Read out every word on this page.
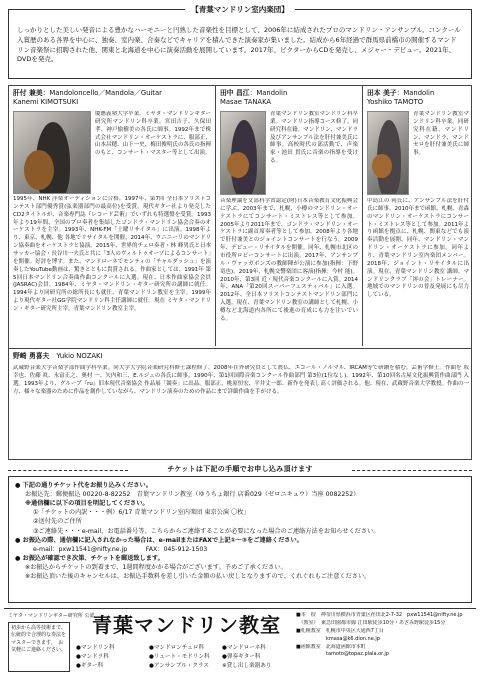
【青葉マンドリン室内楽団】
しっかりとした美しい発音による豊かなハーモニーと円熟した音楽性を目標として、2006年に結成されたプロのマンドリン・アンサンブル。コンクール入賞歴のある各界を中心に、独奏、室内楽、合奏などでキャリアを積んできた演奏家が集いました。結成から6年経過で群馬県前橋市の開催するマンドリン音楽祭に招聘された他、関東と北海道を中心に演奏活動を展開しています。2017年、ビクターからCDを発売し、メジャー・デビュー。2021年、DVDを発売。
肝付 兼美：Mandoloncello／Mandola／Guitar
Kanemi KIMOTSUKI
慶應義塾大学卒業。ミヤタ・マンドリンギター研究所マンドリン科卒業。宮田吉子、久保田孝、神戸愉樹美の各氏に師事。1992年まで株式会社マンドリン・オーケストラに、服部正、山本昌穂、山下一史、梅田俊明氏の各氏の指揮のもと、コンサート・マスター等として出演。
1995年、NHK 洋楽オーディションに合格。1997年、第7回 全日本ソリストコンテスト部門優秀賞(弦楽器部門の最高位)を受賞。現代ギター社より発売したCD2タイトルが、音楽専門誌『レコード芸術』でいずれも特選盤を受賞。1993年より19年間、全国のプロ奏者を集結したゴンドラ・マンドリン協会合奏のオーケストラを主宰。1993年、NHK-FM「土曜リサイタル」に出演。1998年より、東京、札幌、他 各地でリサイタルを開催。2014年、ウニニーリのマンドリン協奏曲をオーケストラと協演。2015年、世界的チェロ奏者・林 峰男氏と日本サッカー協会・長谷川一夫氏と共に「3人のヴィルトゥオーゾによるコンサート」を開催。好評を博す。また、マンドローネでモンティの「チャルダッシュ」を演奏したYouTube動画は、驚きとともに貴賞される。作曲家としては、1991年 第5回日本マンドリン合奏曲作曲コンクールに入選。現在、日本作曲家協会会員(JASRAC)会員。1984年、ミヤタ・マンドリン・ギター研究所の講師に就任。1994年より同研究所の総所長にも就任。青葉マンドリン教室を主宰。1999年より現代ギター社GG学院マンドリン科主任講師に就任。現在 ミヤタ・マンドリン・ギター研究所主宰。青葉マンドリン教室主宰。
田中 昌江：Mandolin
Masae TANAKA
青葉マンドリン教室マンドリン科卒業。マンドリン指導コース修了。同研究科在籍。マンドリン、マンドラ及びアンサンブル法を肝付兼美氏に師事。高校時代の部活動で、声楽家・池田 貫氏に音楽の指導を受ける。
音楽理論を文部科学省認定(財)日本音楽教育文化振興会に学ぶ。2003年まで、札幌、小樽のマンドリン・オーケストラにてコンサート・ミストレス等として参加。2005年より2011年まで、ゴンドラ・マンドリン・オーケストラに副首席奏者等として参加。2008年より各地で肝付兼美とのジョイントコンサートを行なう。2009年、デビュー・リサイタルを開催。同年、札幌市北区の市役所ロビーコンサートに出演。2017年、アンサンブル・ヴァッガボンズの教師陣が公演に参加(指揮：下野竜也)。2019年、札幌交響楽団に客演(指揮：今村 能)。2010年、第3回 近・現代音楽コンクールに入賞。2014年、ANA「第20回スーパーフェスティバル」に入選。2012年、全日本ソリストコンテストマンドリン部門に入選。現在、青葉マンドリン教室の講師として札幌、小樽など北海道内各所にて後進の育成にも力を注いでいる。
田本 美子：Mandolin
Yoshiko TAMOTO
青葉マンドリン教室マンドリン科卒業。同研究科在籍。マンドリン、マンドラ、マンドセロを肝付兼美氏に師事。
中島江の 両氏に、アンサンブル法を肝付氏に師事。2010年まで函館、札幌、青森のマンドリン・オーケストラにコンサート・ミストレス等として参加。2011年より函館を拠点に、札幌、関東などでも演奏活動を展開。同年、マンドリン・マンドリン・オーケストラに参加。同年より、青葉マンドリン室内楽団メンバー。2018年、ジョイント・リサイタルに出演。現在、青葉マンドリン教室 講師。マンドリンクラブ「澪の会」トレーナー。地域でのマンドリンの普及発展にも尽力している。
野崎 勇喜夫 Yukio NOZAKI
武蔵野音楽大学音楽学部作曲学科卒業。同大学大学院音楽研究科修士課程修了。2008年在外研究員として渡仏、エコール・ノルマル、IRCAM等で研鑽を積む。芸術学修士。作曲を 坂 幸也、佐藤 眞、永富正之、奥村 一、矢内和三、E.ルジェの各氏に師事。1990年、第1回国際音楽コンクール作曲部門 第3位(1位なし)。1992年、第10回名古屋文化振興賞作曲部門 入選。1993年より、グループ『ru』旧本現代音楽協会 作品展「競奏」に出品。服部正、桃原恒宏、平井丈一郎、新作を発表し高く評価される。他、現在、武蔵野音楽大学教授。作曲の一方、様々な楽器のために作品を創作していながら、マンドリン演奏のための作品にまで詳細作曲を手がける。
チケットは下記の手順でお申し込み頂けます
● 下記の通りチケット代をお振り込みください。
お振込先：郵便振込 00220-8-82252　青葉マンドリン教室（ゆうちょ銀行 店番029（ゼロニキュウ）当座 0082252）
※通信欄に以下の項目を明記してください。
①「チケットの内訳・・・例）6/17 青葉マンドリン室内楽団 東京公演 〇枚」
②送付先のご住所
③ご連絡先・・・e-mail、お電話番号等、こちらからご連絡することが必要になった場合のご連絡方法をお知らせください。
● お振込の際、通信欄に記入されなかった場合は、e-mailまたはFAXで上記①〜③をご連絡ください。
e-mail：pxw11541@nifty.ne.jp　　　FAX：045-912-1503
● お振込が確認でき次第、チケットを郵送致します。
※お振込からチケットの到着まで、1週間程度かかる場合がございます。予めご了承ください。
※お振込頂いた後のキャンセルは、お振込手数料を差し引いた金額の払い戻しとなりますので、くれぐれもご注意ください。
ミヤタ・マンドリンギター研究所 公認
青葉マンドリン教室
初歩から高等技術まで、伝統的で合理的な奏法をマスターできます。　お気軽にご連絡ください。	●マンドリン科	●マンドロンチェロ科	●マンドローネ科
●マンドラ科	●リュート・モドリン科 ●弾奏ギター科
●ギター科	●アンサンブル・クラス ※貸し出し楽器あり
■本　校　神奈川県横浜市青葉区荏田北2-7-32　pxw11541@nifty.ne.jp
　（教室）　東急田園都市線 江田駅徒歩10分・あざみ野駅徒歩15分
■札幌教室　札幌市中央区大通西7丁目
　　　　　　kmasa@k6.dion.ne.jp
■函館教室　北海道函館市本町
　　　　　　tamoto@topaz.plala.or.jp
